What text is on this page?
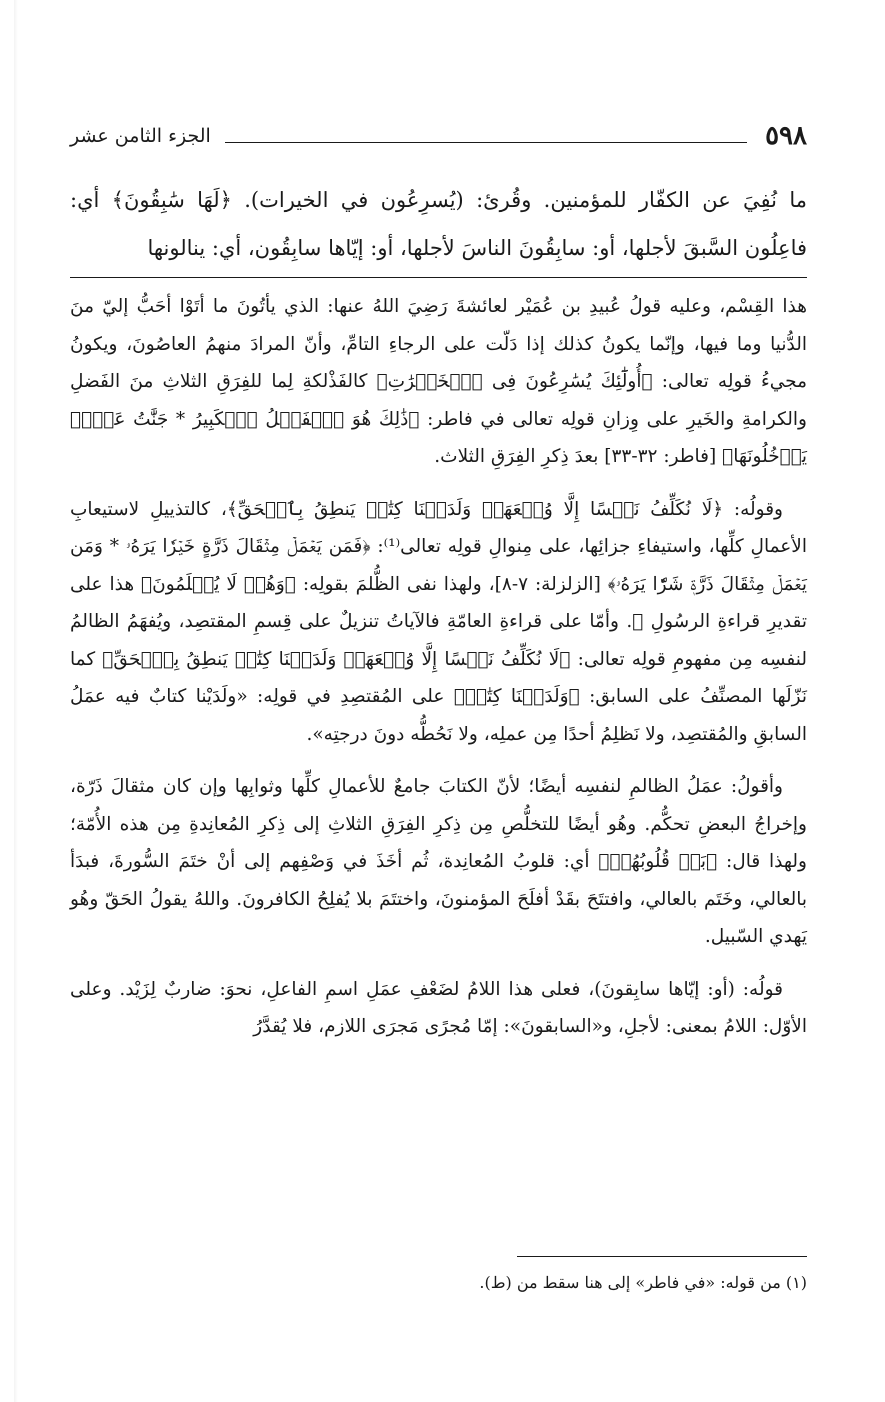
٥٩٨
الجزء الثامن عشر

ما نُفِيَ عن الكفّار للمؤمنين. وقُرئ: (يُسرِعُون في الخيرات). ﴿لَهَا سَٰبِقُونَ﴾ أي: فاعِلُون السَّبقَ لأجلها، أو: سابِقُونَ الناسَ لأجلها، أو: إيّاها سابِقُون، أي: ينالونها

هذا القِسْم، وعليه قولُ عُبيدِ بن عُمَيْر لعائشةَ رَضِيَ اللهُ عنها: الذي يأتُونَ ما أتَوْا أحَبُّ إليّ منَ الدُّنيا وما فيها، وإنّما يكونُ كذلك إذا دَلّت على الرجاءِ التامِّ، وأنّ المرادَ منهمُ العاصُونَ، ويكونُ مجيءُ قولِه تعالى: ﴿أُولَٰٓئِكَ يُسَٰرِعُونَ فِى ٱلۡخَيۡرَٰتِ﴾ كالفَذْلكةِ لِما للفِرَقِ الثلاثِ منَ الفَضلِ والكرامةِ والخَيرِ على وِزانِ قولِه تعالى في فاطر: ﴿ذَٰلِكَ هُوَ ٱلۡفَضۡلُ ٱلۡكَبِيرُ * جَنَّٰتُ عَدۡنٖ يَدۡخُلُونَهَا﴾ [فاطر: ٣٢-٣٣] بعدَ ذِكرِ الفِرَقِ الثلاث.

وقولُه: ﴿لَا نُكَلِّفُ نَفۡسًا إِلَّا وُسۡعَهَاۖ وَلَدَيۡنَا كِتَٰبٞ يَنطِقُ بِٱلۡحَقِّ﴾، كالتذييلِ لاستيعابِ الأعمالِ كلِّها، واستيفاءِ جزائِها، على مِنوالِ قولِه تعالى⁽¹⁾: ﴿فَمَن يَعۡمَلۡ مِثۡقَالَ ذَرَّةٍ خَيۡرٗا يَرَهُۥ * وَمَن يَعۡمَلۡ مِثۡقَالَ ذَرَّةٖ شَرّٗا يَرَهُۥ﴾ [الزلزلة: ٧-٨]، ولهذا نفى الظُّلمَ بقولِه: ﴿وَهُمۡ لَا يُظۡلَمُونَ﴾ هذا على تقديرِ قراءةِ الرسُولِ ﷺ. وأمّا على قراءةِ العامّةِ فالآياتُ تنزيلٌ على قِسمِ المقتصِد، ويُفهَمُ الظالمُ لنفسِه مِن مفهومِ قولِه تعالى: ﴿لَا نُكَلِّفُ نَفۡسًا إِلَّا وُسۡعَهَاۖ وَلَدَيۡنَا كِتَٰبٞ يَنطِقُ بِٱلۡحَقِّ﴾ كما نَزّلَها المصنِّفُ على السابق: ﴿وَلَدَيۡنَا كِتَٰبٞ﴾ على المُقتصِدِ في قولِه: «ولَدَيْنا كتابٌ فيه عمَلُ السابقِ والمُقتصِد، ولا نَظلِمُ أحدًا مِن عملِه، ولا نَحُطُّه دونَ درجتِه».

وأقولُ: عمَلُ الظالمِ لنفسِه أيضًا؛ لأنّ الكتابَ جامعٌ للأعمالِ كلِّها وثوابِها وإن كان مثقالَ ذَرّة، وإخراجُ البعضِ تحكُّم. وهُو أيضًا للتخلُّصِ مِن ذِكرِ الفِرَقِ الثلاثِ إلى ذِكرِ المُعانِدةِ مِن هذه الأُمّة؛ ولهذا قال: ﴿بَلۡ قُلُوبُهُمۡ﴾ أي: قلوبُ المُعانِدة، ثُم أخَذَ في وَصْفِهم إلى أنْ ختَمَ السُّورةَ، فبدَأ بالعالي، وخَتَم بالعالي، وافتتَحَ بقَدْ أفلَحَ المؤمنونَ، واختتَمَ بلا يُفلِحُ الكافرونَ. واللهُ يقولُ الحَقّ وهُو يَهدي السّبيل.

قولُه: (أو: إيّاها سابِقونَ)، فعلى هذا اللامُ لضَعْفِ عمَلِ اسمِ الفاعلِ، نحوَ: ضاربٌ لِزَيْد. وعلى الأوّل: اللامُ بمعنى: لأجلِ، و«السابقونَ»: إمّا مُجرًى مَجرَى اللازم، فلا يُقدَّرُ

(١) من قوله: «في فاطر» إلى هنا سقط من (ط).
